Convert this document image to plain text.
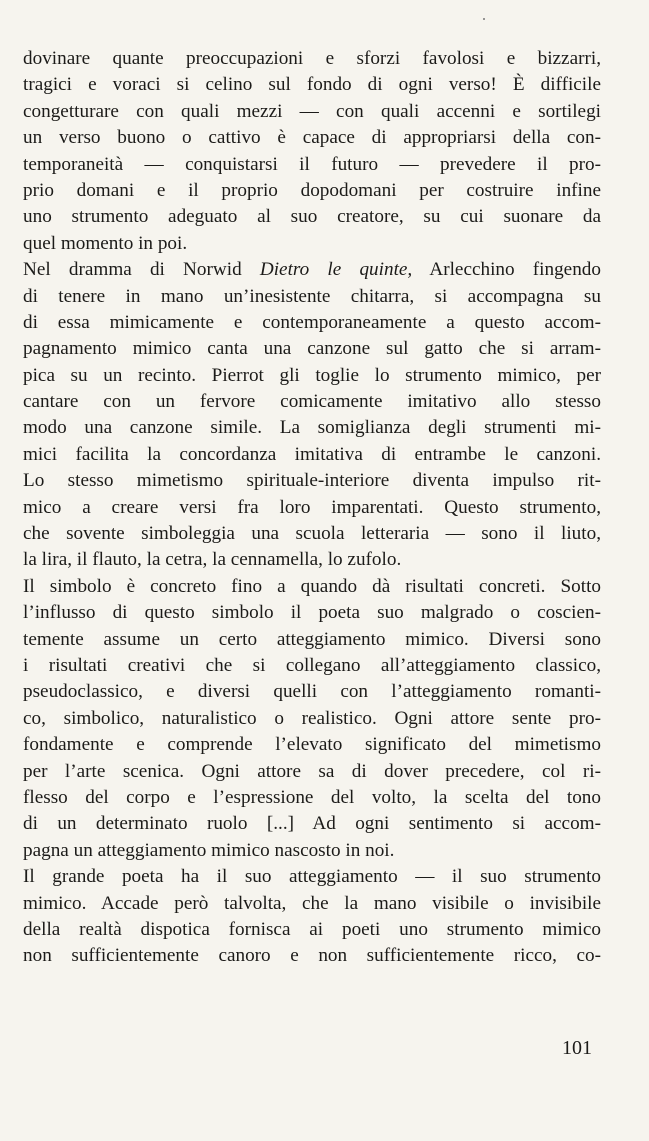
dovinare quante preoccupazioni e sforzi favolosi e bizzarri,
tragici e voraci si celino sul fondo di ogni verso! È difficile
congetturare con quali mezzi — con quali accenni e sortilegi
un verso buono o cattivo è capace di appropriarsi della con-
temporaneità — conquistarsi il futuro — prevedere il pro-
prio domani e il proprio dopodomani per costruire infine
uno strumento adeguato al suo creatore, su cui suonare da
quel momento in poi.
Nel dramma di Norwid Dietro le quinte, Arlecchino fingendo
di tenere in mano un’inesistente chitarra, si accompagna su
di essa mimicamente e contemporaneamente a questo accom-
pagnamento mimico canta una canzone sul gatto che si arram-
pica su un recinto. Pierrot gli toglie lo strumento mimico, per
cantare con un fervore comicamente imitativo allo stesso
modo una canzone simile. La somiglianza degli strumenti mi-
mici facilita la concordanza imitativa di entrambe le canzoni.
Lo stesso mimetismo spirituale-interiore diventa impulso rit-
mico a creare versi fra loro imparentati. Questo strumento,
che sovente simboleggia una scuola letteraria — sono il liuto,
la lira, il flauto, la cetra, la cennamella, lo zufolo.
Il simbolo è concreto fino a quando dà risultati concreti. Sotto
l’influsso di questo simbolo il poeta suo malgrado o coscien-
temente assume un certo atteggiamento mimico. Diversi sono
i risultati creativi che si collegano all’atteggiamento classico,
pseudoclassico, e diversi quelli con l’atteggiamento romanti-
co, simbolico, naturalistico o realistico. Ogni attore sente pro-
fondamente e comprende l’elevato significato del mimetismo
per l’arte scenica. Ogni attore sa di dover precedere, col ri-
flesso del corpo e l’espressione del volto, la scelta del tono
di un determinato ruolo [...] Ad ogni sentimento si accom-
pagna un atteggiamento mimico nascosto in noi.
Il grande poeta ha il suo atteggiamento — il suo strumento
mimico. Accade però talvolta, che la mano visibile o invisibile
della realtà dispotica fornisca ai poeti uno strumento mimico
non sufficientemente canoro e non sufficientemente ricco, co-
101
